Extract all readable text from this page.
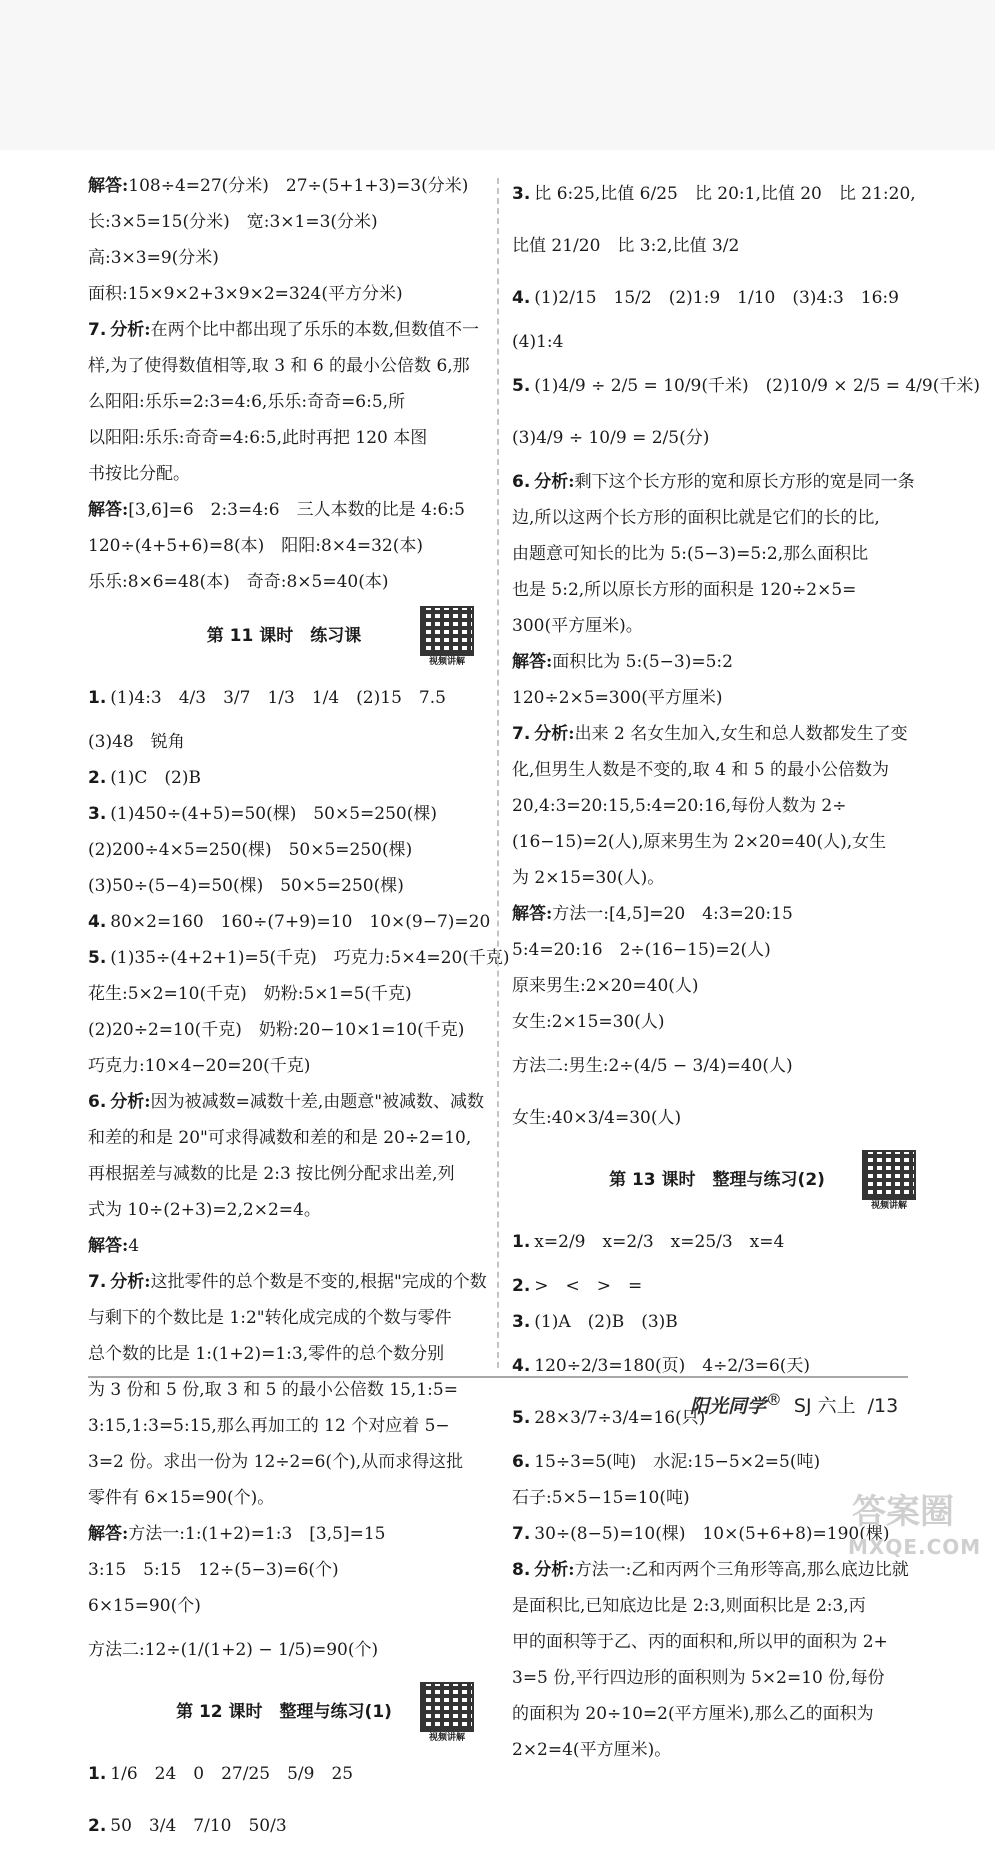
解答:108÷4=27(分米)　27÷(5+1+3)=3(分米)
长:3×5=15(分米)　宽:3×1=3(分米)
高:3×3=9(分米)
面积:15×9×2+3×9×2=324(平方分米)
7. 分析:在两个比中都出现了乐乐的本数,但数值不一
样,为了使得数值相等,取 3 和 6 的最小公倍数 6,那
么阳阳:乐乐=2:3=4:6,乐乐:奇奇=6:5,所
以阳阳:乐乐:奇奇=4:6:5,此时再把 120 本图
书按比分配。
解答:[3,6]=6　2:3=4:6　三人本数的比是 4:6:5
120÷(4+5+6)=8(本)　阳阳:8×4=32(本)
乐乐:8×6=48(本)　奇奇:8×5=40(本)
第 11 课时　练习课
视频讲解
1. (1)4:3　4/3　3/7　1/3　1/4　(2)15　7.5
(3)48　锐角
2. (1)C　(2)B
3. (1)450÷(4+5)=50(棵)　50×5=250(棵)
(2)200÷4×5=250(棵)　50×5=250(棵)
(3)50÷(5−4)=50(棵)　50×5=250(棵)
4. 80×2=160　160÷(7+9)=10　10×(9−7)=20
5. (1)35÷(4+2+1)=5(千克)　巧克力:5×4=20(千克)
花生:5×2=10(千克)　奶粉:5×1=5(千克)
(2)20÷2=10(千克)　奶粉:20−10×1=10(千克)
巧克力:10×4−20=20(千克)
6. 分析:因为被减数=减数十差,由题意"被减数、减数
和差的和是 20"可求得减数和差的和是 20÷2=10,
再根据差与减数的比是 2:3 按比例分配求出差,列
式为 10÷(2+3)=2,2×2=4。
解答:4
7. 分析:这批零件的总个数是不变的,根据"完成的个数
与剩下的个数比是 1:2"转化成完成的个数与零件
总个数的比是 1:(1+2)=1:3,零件的总个数分别
为 3 份和 5 份,取 3 和 5 的最小公倍数 15,1:5=
3:15,1:3=5:15,那么再加工的 12 个对应着 5−
3=2 份。求出一份为 12÷2=6(个),从而求得这批
零件有 6×15=90(个)。
解答:方法一:1:(1+2)=1:3　[3,5]=15
3:15　5:15　12÷(5−3)=6(个)
6×15=90(个)
方法二:12÷(1/(1+2) − 1/5)=90(个)
第 12 课时　整理与练习(1)
视频讲解
1. 1/6　24　0　27/25　5/9　25
2. 50　3/4　7/10　50/3
3. 比 6:25,比值 6/25　比 20:1,比值 20　比 21:20,
比值 21/20　比 3:2,比值 3/2
4. (1)2/15　15/2　(2)1:9　1/10　(3)4:3　16:9
(4)1:4
5. (1)4/9 ÷ 2/5 = 10/9(千米)　(2)10/9 × 2/5 = 4/9(千米)
(3)4/9 ÷ 10/9 = 2/5(分)
6. 分析:剩下这个长方形的宽和原长方形的宽是同一条
边,所以这两个长方形的面积比就是它们的长的比,
由题意可知长的比为 5:(5−3)=5:2,那么面积比
也是 5:2,所以原长方形的面积是 120÷2×5=
300(平方厘米)。
解答:面积比为 5:(5−3)=5:2
120÷2×5=300(平方厘米)
7. 分析:出来 2 名女生加入,女生和总人数都发生了变
化,但男生人数是不变的,取 4 和 5 的最小公倍数为
20,4:3=20:15,5:4=20:16,每份人数为 2÷
(16−15)=2(人),原来男生为 2×20=40(人),女生
为 2×15=30(人)。
解答:方法一:[4,5]=20　4:3=20:15
5:4=20:16　2÷(16−15)=2(人)
原来男生:2×20=40(人)
女生:2×15=30(人)
方法二:男生:2÷(4/5 − 3/4)=40(人)
女生:40×3/4=30(人)
第 13 课时　整理与练习(2)
视频讲解
1. x=2/9　x=2/3　x=25/3　x=4
2. >　<　>　=
3. (1)A　(2)B　(3)B
4. 120÷2/3=180(页)　4÷2/3=6(天)
5. 28×3/7÷3/4=16(只)
6. 15÷3=5(吨)　水泥:15−5×2=5(吨)
石子:5×5−15=10(吨)
7. 30÷(8−5)=10(棵)　10×(5+6+8)=190(棵)
8. 分析:方法一:乙和丙两个三角形等高,那么底边比就
是面积比,已知底边比是 2:3,则面积比是 2:3,丙
甲的面积等于乙、丙的面积和,所以甲的面积为 2+
3=5 份,平行四边形的面积则为 5×2=10 份,每份
的面积为 20÷10=2(平方厘米),那么乙的面积为
2×2=4(平方厘米)。
阳光同学® SJ 六上 /13
答案圈
MXQE.COM
